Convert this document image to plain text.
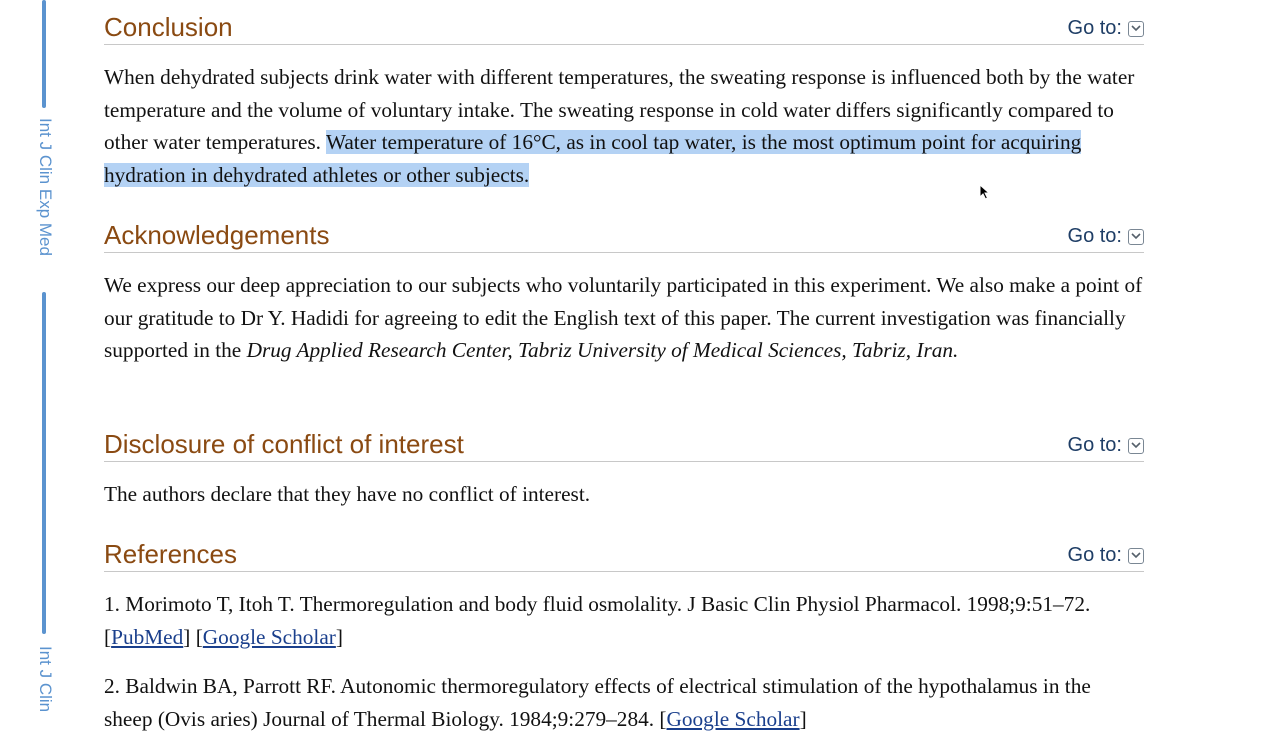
Int J Clin Exp Med
Int J Clin
Conclusion	Go to:
When dehydrated subjects drink water with different temperatures, the sweating response is influenced both by the water temperature and the volume of voluntary intake. The sweating response in cold water differs significantly compared to other water temperatures. Water temperature of 16°C, as in cool tap water, is the most optimum point for acquiring hydration in dehydrated athletes or other subjects.
Acknowledgements	Go to:
We express our deep appreciation to our subjects who voluntarily participated in this experiment. We also make a point of our gratitude to Dr Y. Hadidi for agreeing to edit the English text of this paper. The current investigation was financially supported in the Drug Applied Research Center, Tabriz University of Medical Sciences, Tabriz, Iran.
Disclosure of conflict of interest	Go to:
The authors declare that they have no conflict of interest.
References	Go to:
1. Morimoto T, Itoh T. Thermoregulation and body fluid osmolality. J Basic Clin Physiol Pharmacol. 1998;9:51–72. [PubMed] [Google Scholar]
2. Baldwin BA, Parrott RF. Autonomic thermoregulatory effects of electrical stimulation of the hypothalamus in the sheep (Ovis aries) Journal of Thermal Biology. 1984;9:279–284. [Google Scholar]
